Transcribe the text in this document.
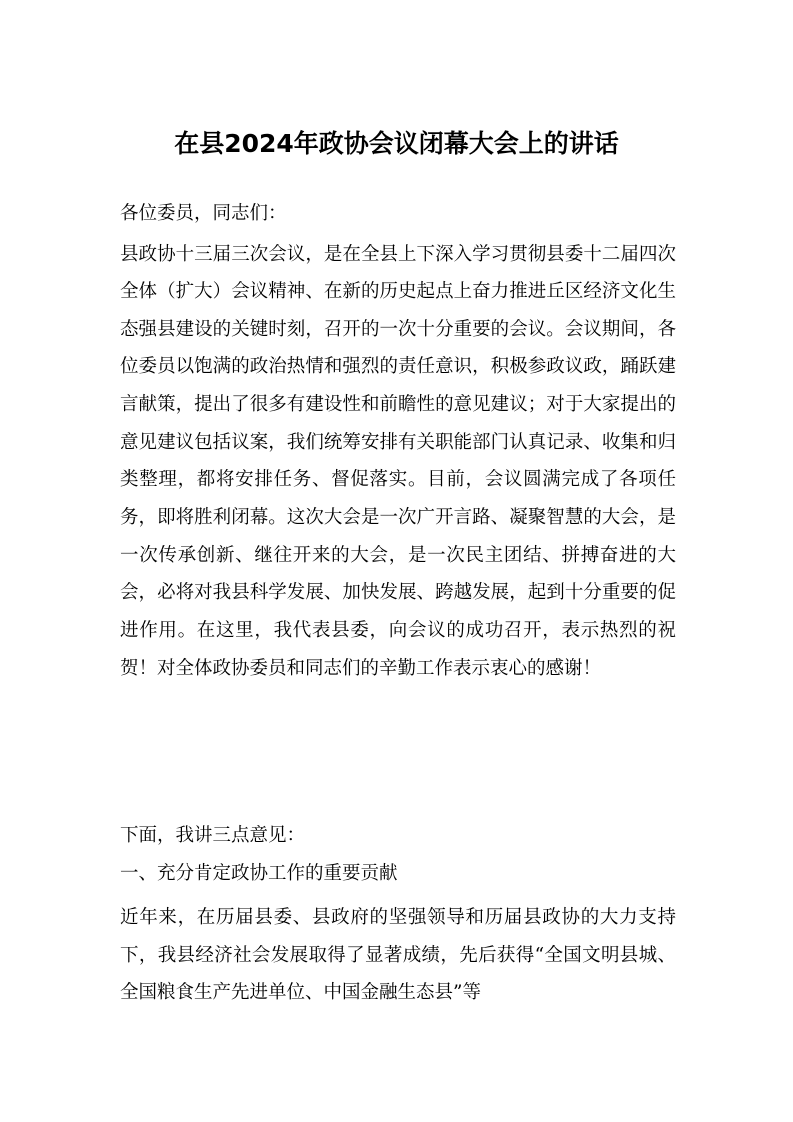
在县2024年政协会议闭幕大会上的讲话
各位委员，同志们：
县政协十三届三次会议，是在全县上下深入学习贯彻县委十二届四次全体（扩大）会议精神、在新的历史起点上奋力推进丘区经济文化生态强县建设的关键时刻，召开的一次十分重要的会议。会议期间，各位委员以饱满的政治热情和强烈的责任意识，积极参政议政，踊跃建言献策，提出了很多有建设性和前瞻性的意见建议；对于大家提出的意见建议包括议案，我们统筹安排有关职能部门认真记录、收集和归类整理，都将安排任务、督促落实。目前，会议圆满完成了各项任务，即将胜利闭幕。这次大会是一次广开言路、凝聚智慧的大会，是一次传承创新、继往开来的大会，是一次民主团结、拼搏奋进的大会，必将对我县科学发展、加快发展、跨越发展，起到十分重要的促进作用。在这里，我代表县委，向会议的成功召开，表示热烈的祝贺！对全体政协委员和同志们的辛勤工作表示衷心的感谢！
下面，我讲三点意见：
一、充分肯定政协工作的重要贡献
近年来，在历届县委、县政府的坚强领导和历届县政协的大力支持下，我县经济社会发展取得了显著成绩，先后获得“全国文明县城、全国粮食生产先进单位、中国金融生态县”等
